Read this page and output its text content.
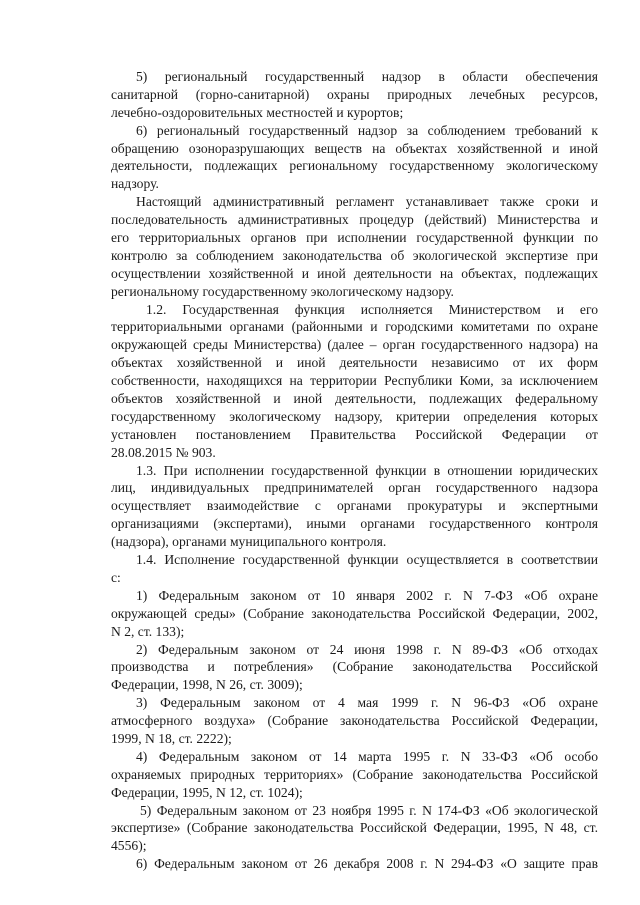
5) региональный государственный надзор в области обеспечения
санитарной (горно-санитарной) охраны природных лечебных ресурсов,
лечебно-оздоровительных местностей и курортов;
6) региональный государственный надзор за соблюдением требований к
обращению озоноразрушающих веществ на объектах хозяйственной и иной
деятельности, подлежащих региональному государственному экологическому
надзору.
Настоящий административный регламент устанавливает также сроки и
последовательность административных процедур (действий) Министерства и
его территориальных органов при исполнении государственной функции по
контролю за соблюдением законодательства об экологической экспертизе при
осуществлении хозяйственной и иной деятельности на объектах, подлежащих
региональному государственному экологическому надзору.
1.2. Государственная функция исполняется Министерством и его
территориальными органами (районными и городскими комитетами по охране
окружающей среды Министерства) (далее – орган государственного надзора) на
объектах хозяйственной и иной деятельности независимо от их форм
собственности, находящихся на территории Республики Коми, за исключением
объектов хозяйственной и иной деятельности, подлежащих федеральному
государственному экологическому надзору, критерии определения которых
установлен постановлением Правительства Российской Федерации от
28.08.2015 № 903.
1.3. При исполнении государственной функции в отношении юридических
лиц, индивидуальных предпринимателей орган государственного надзора
осуществляет взаимодействие с органами прокуратуры и экспертными
организациями (экспертами), иными органами государственного контроля
(надзора), органами муниципального контроля.
1.4. Исполнение государственной функции осуществляется в соответствии
с:
1) Федеральным законом от 10 января 2002 г. N 7-ФЗ «Об охране
окружающей среды» (Собрание законодательства Российской Федерации, 2002,
N 2, ст. 133);
2) Федеральным законом от 24 июня 1998 г. N 89-ФЗ «Об отходах
производства и потребления» (Собрание законодательства Российской
Федерации, 1998, N 26, ст. 3009);
3) Федеральным законом от 4 мая 1999 г. N 96-ФЗ «Об охране
атмосферного воздуха» (Собрание законодательства Российской Федерации,
1999, N 18, ст. 2222);
4) Федеральным законом от 14 марта 1995 г. N 33-ФЗ «Об особо
охраняемых природных территориях» (Собрание законодательства Российской
Федерации, 1995, N 12, ст. 1024);
5) Федеральным законом от 23 ноября 1995 г. N 174-ФЗ «Об экологической
экспертизе» (Собрание законодательства Российской Федерации, 1995, N 48, ст.
4556);
6) Федеральным законом от 26 декабря 2008 г. N 294-ФЗ «О защите прав
